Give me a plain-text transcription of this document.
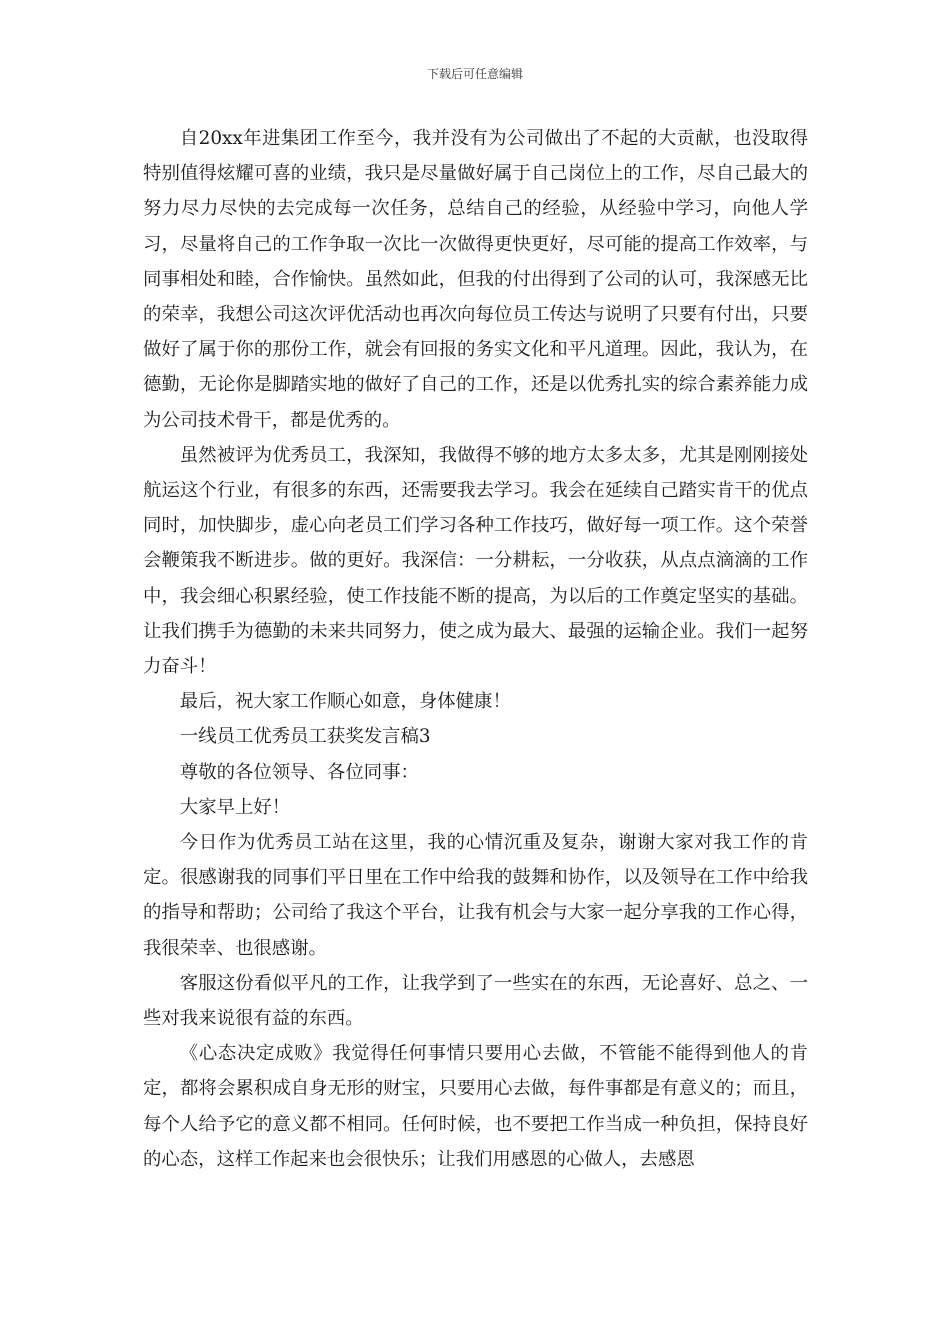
下载后可任意编辑

自20xx年进集团工作至今，我并没有为公司做出了不起的大贡献，也没取得特别值得炫耀可喜的业绩，我只是尽量做好属于自己岗位上的工作，尽自己最大的努力尽力尽快的去完成每一次任务，总结自己的经验，从经验中学习，向他人学习，尽量将自己的工作争取一次比一次做得更快更好，尽可能的提高工作效率，与同事相处和睦，合作愉快。虽然如此，但我的付出得到了公司的认可，我深感无比的荣幸，我想公司这次评优活动也再次向每位员工传达与说明了只要有付出，只要做好了属于你的那份工作，就会有回报的务实文化和平凡道理。因此，我认为，在德勤，无论你是脚踏实地的做好了自己的工作，还是以优秀扎实的综合素养能力成为公司技术骨干，都是优秀的。

虽然被评为优秀员工，我深知，我做得不够的地方太多太多，尤其是刚刚接处航运这个行业，有很多的东西，还需要我去学习。我会在延续自己踏实肯干的优点同时，加快脚步，虚心向老员工们学习各种工作技巧，做好每一项工作。这个荣誉会鞭策我不断进步。做的更好。我深信：一分耕耘，一分收获，从点点滴滴的工作中，我会细心积累经验，使工作技能不断的提高，为以后的工作奠定坚实的基础。让我们携手为德勤的未来共同努力，使之成为最大、最强的运输企业。我们一起努力奋斗！

最后，祝大家工作顺心如意，身体健康！

一线员工优秀员工获奖发言稿3

尊敬的各位领导、各位同事：

大家早上好！

今日作为优秀员工站在这里，我的心情沉重及复杂，谢谢大家对我工作的肯定。很感谢我的同事们平日里在工作中给我的鼓舞和协作，以及领导在工作中给我的指导和帮助；公司给了我这个平台，让我有机会与大家一起分享我的工作心得，我很荣幸、也很感谢。

客服这份看似平凡的工作，让我学到了一些实在的东西，无论喜好、总之、一些对我来说很有益的东西。

《心态决定成败》我觉得任何事情只要用心去做，不管能不能得到他人的肯定，都将会累积成自身无形的财宝，只要用心去做，每件事都是有意义的；而且，每个人给予它的意义都不相同。任何时候，也不要把工作当成一种负担，保持良好的心态，这样工作起来也会很快乐；让我们用感恩的心做人，去感恩
